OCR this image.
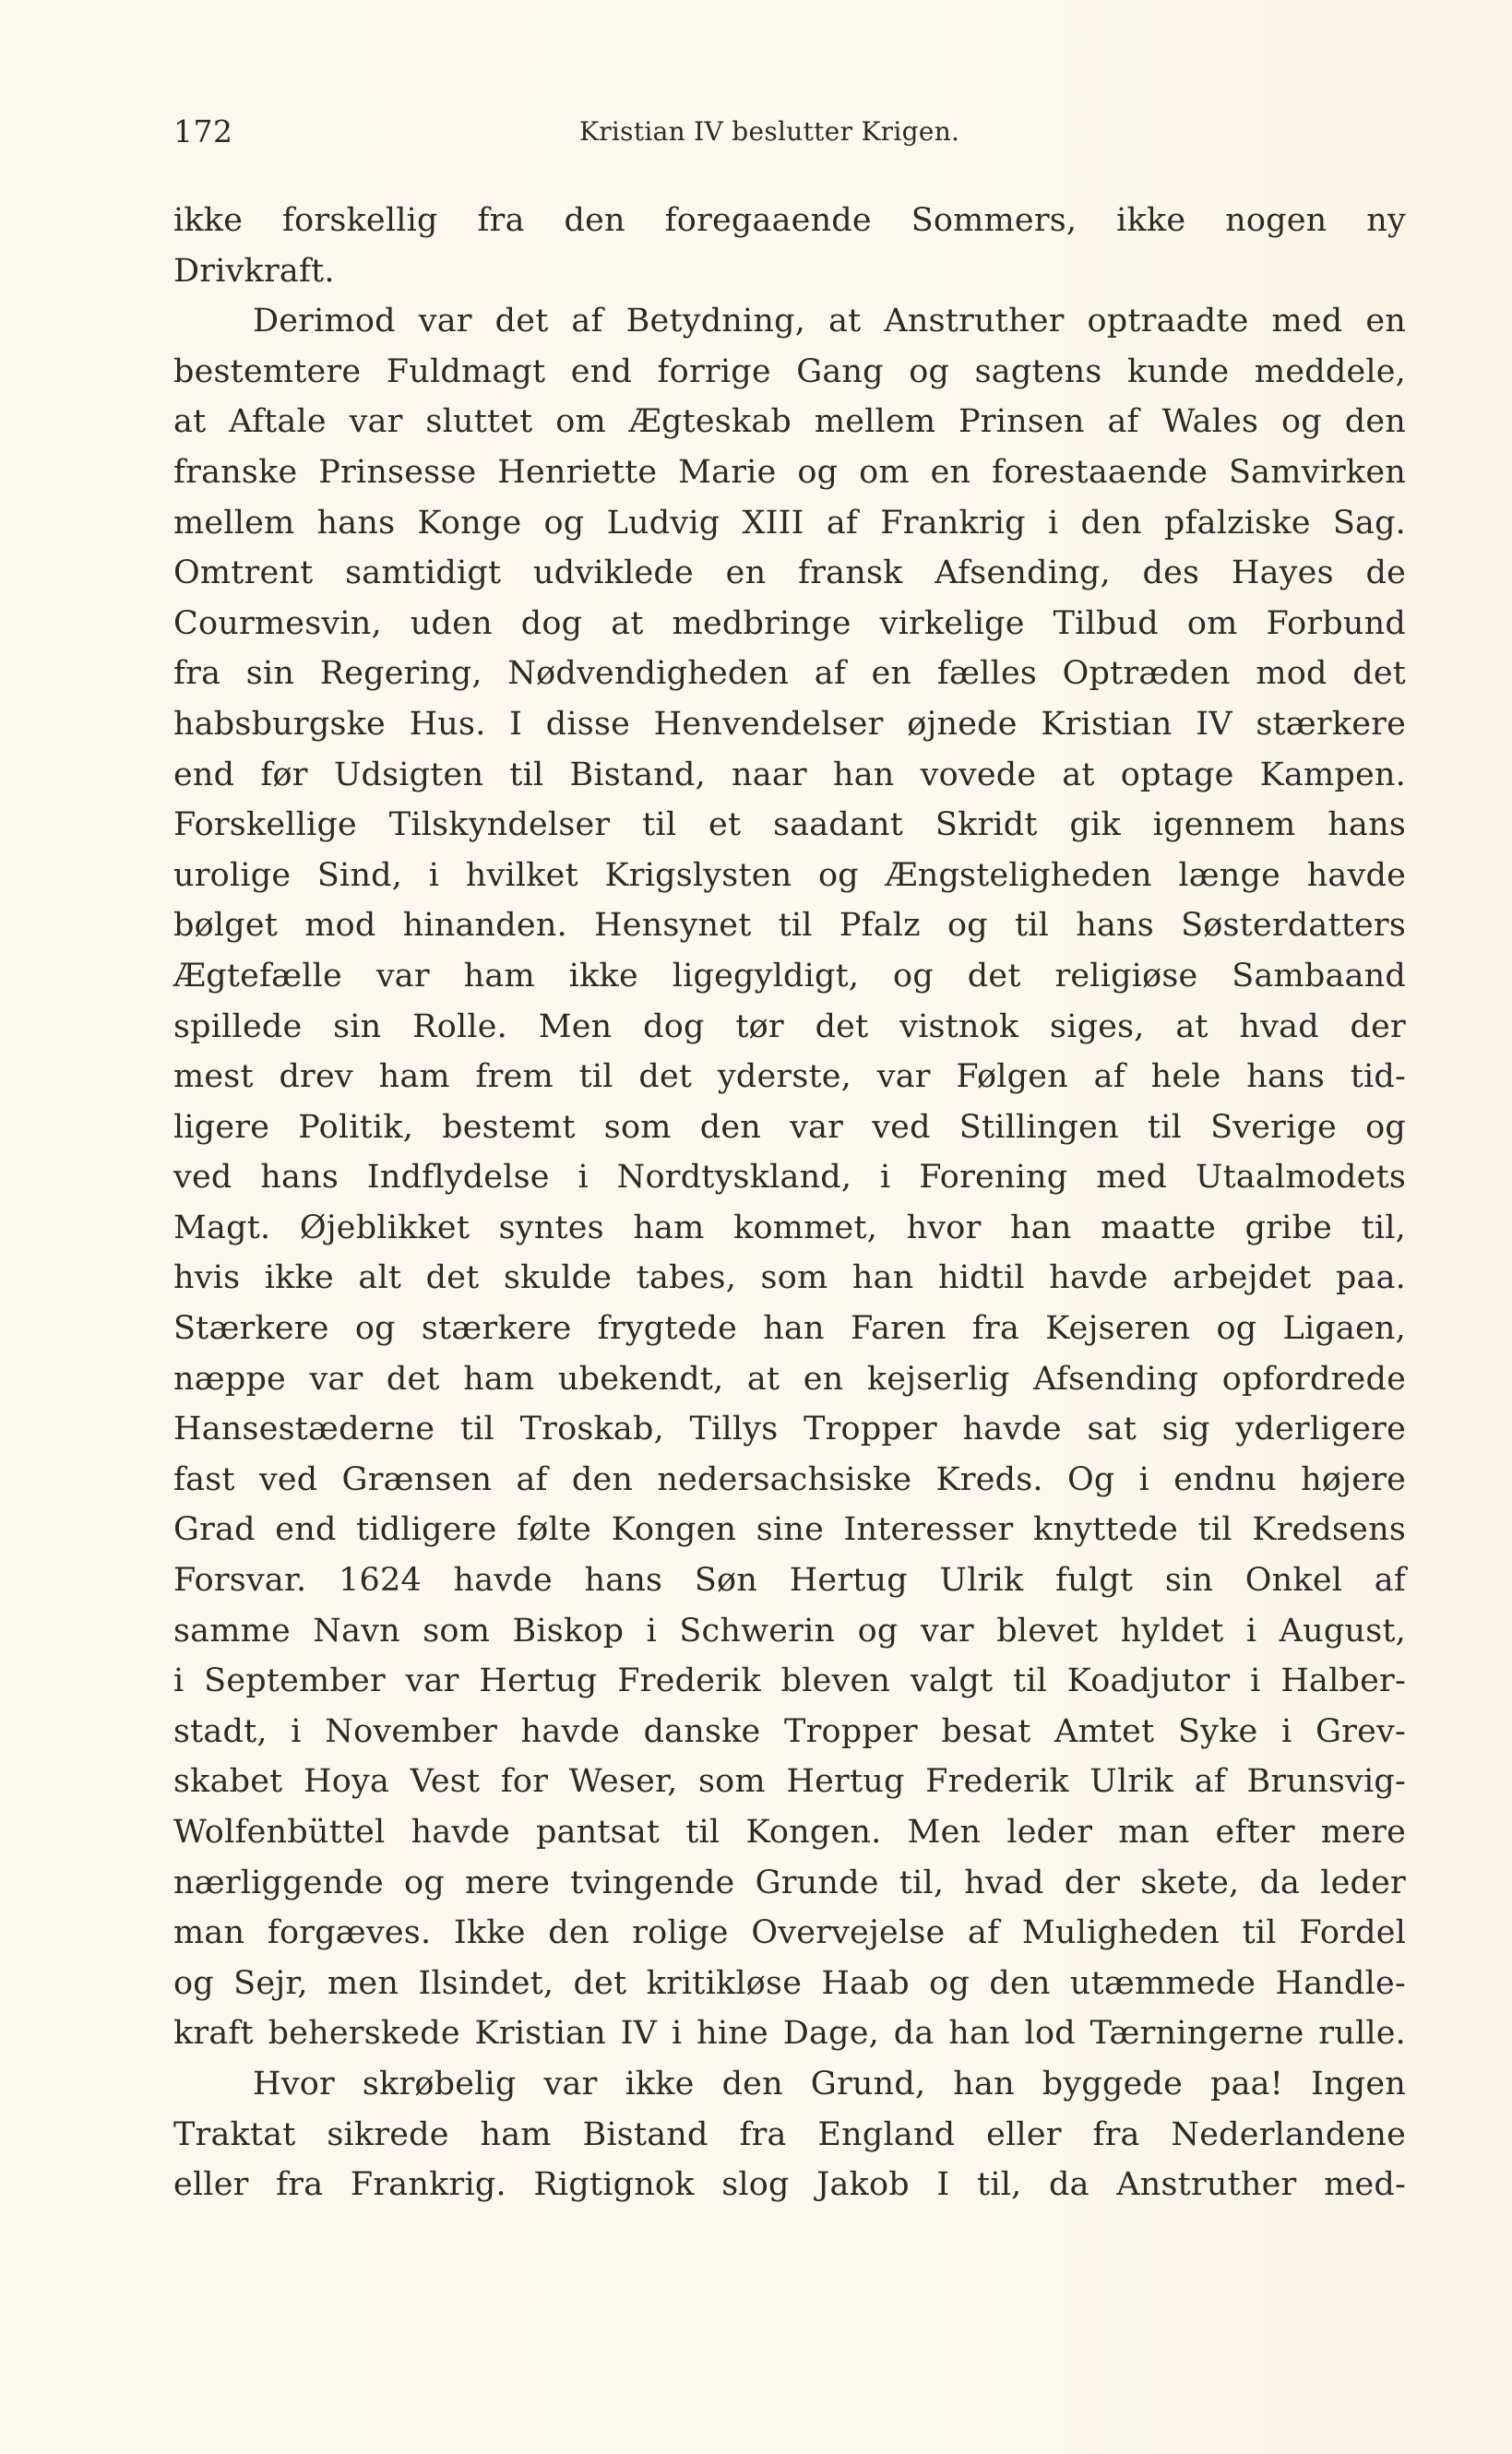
172	Kristian IV beslutter Krigen.
ikke forskellig fra den foregaaende Sommers, ikke nogen ny
Drivkraft.
Derimod var det af Betydning, at Anstruther optraadte med en
bestemtere Fuldmagt end forrige Gang og sagtens kunde meddele,
at Aftale var sluttet om Ægteskab mellem Prinsen af Wales og den
franske Prinsesse Henriette Marie og om en forestaaende Samvirken
mellem hans Konge og Ludvig XIII af Frankrig i den pfalziske Sag.
Omtrent samtidigt udviklede en fransk Afsending, des Hayes de
Courmesvin, uden dog at medbringe virkelige Tilbud om Forbund
fra sin Regering, Nødvendigheden af en fælles Optræden mod det
habsburgske Hus. I disse Henvendelser øjnede Kristian IV stærkere
end før Udsigten til Bistand, naar han vovede at optage Kampen.
Forskellige Tilskyndelser til et saadant Skridt gik igennem hans
urolige Sind, i hvilket Krigslysten og Ængsteligheden længe havde
bølget mod hinanden. Hensynet til Pfalz og til hans Søsterdatters
Ægtefælle var ham ikke ligegyldigt, og det religiøse Sambaand
spillede sin Rolle. Men dog tør det vistnok siges, at hvad der
mest drev ham frem til det yderste, var Følgen af hele hans tid-
ligere Politik, bestemt som den var ved Stillingen til Sverige og
ved hans Indflydelse i Nordtyskland, i Forening med Utaalmodets
Magt. Øjeblikket syntes ham kommet, hvor han maatte gribe til,
hvis ikke alt det skulde tabes, som han hidtil havde arbejdet paa.
Stærkere og stærkere frygtede han Faren fra Kejseren og Ligaen,
næppe var det ham ubekendt, at en kejserlig Afsending opfordrede
Hansestæderne til Troskab, Tillys Tropper havde sat sig yderligere
fast ved Grænsen af den nedersachsiske Kreds. Og i endnu højere
Grad end tidligere følte Kongen sine Interesser knyttede til Kredsens
Forsvar. 1624 havde hans Søn Hertug Ulrik fulgt sin Onkel af
samme Navn som Biskop i Schwerin og var blevet hyldet i August,
i September var Hertug Frederik bleven valgt til Koadjutor i Halber-
stadt, i November havde danske Tropper besat Amtet Syke i Grev-
skabet Hoya Vest for Weser, som Hertug Frederik Ulrik af Brunsvig-
Wolfenbüttel havde pantsat til Kongen. Men leder man efter mere
nærliggende og mere tvingende Grunde til, hvad der skete, da leder
man forgæves. Ikke den rolige Overvejelse af Muligheden til Fordel
og Sejr, men Ilsindet, det kritikløse Haab og den utæmmede Handle-
kraft beherskede Kristian IV i hine Dage, da han lod Tærningerne rulle.
Hvor skrøbelig var ikke den Grund, han byggede paa! Ingen
Traktat sikrede ham Bistand fra England eller fra Nederlandene
eller fra Frankrig. Rigtignok slog Jakob I til, da Anstruther med-
